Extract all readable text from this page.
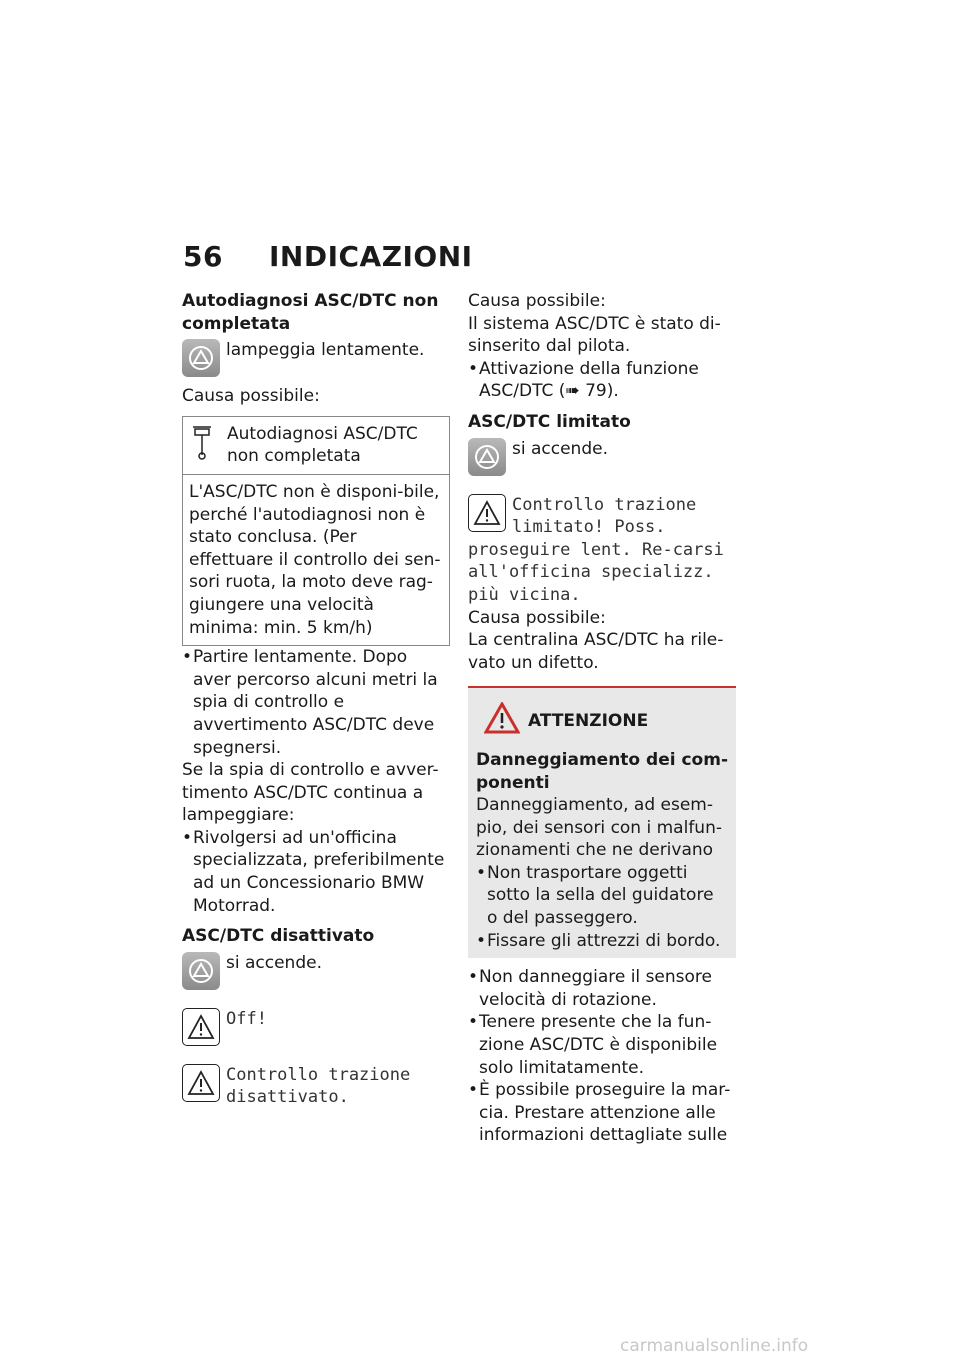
56 INDICAZIONI

Autodiagnosi ASC/DTC non completata

lampeggia lentamente.

Causa possibile:

Autodiagnosi ASC/DTC non completata

L'ASC/DTC non è disponi-bile, perché l'autodiagnosi non è stato conclusa. (Per effettuare il controllo dei sen-sori ruota, la moto deve rag-giungere una velocità minima: min. 5 km/h)
• Partire lentamente. Dopo aver percorso alcuni metri la spia di controllo e avvertimento ASC/DTC deve spegnersi.

Se la spia di controllo e avver-timento ASC/DTC continua a lampeggiare:

• Rivolgersi ad un'officina specializzata, preferibilmente ad un Concessionario BMW Motorrad.

ASC/DTC disattivato

si accende.
Off!
Controllo trazione disattivato.

Causa possibile:

Il sistema ASC/DTC è stato di-sinserito dal pilota.

• Attivazione della funzione ASC/DTC (➠ 79).

ASC/DTC limitato

si accende.
Controllo trazione
limitato! Poss.

proseguire lent. Re-carsi all'officina specializz. più vicina.

Causa possibile:

La centralina ASC/DTC ha rile-vato un difetto.

ATTENZIONE

Danneggiamento dei com-ponenti

Danneggiamento, ad esem-pio, dei sensori con i malfun-zionamenti che ne derivano

• Non trasportare oggetti sotto la sella del guidatore o del passeggero.
• Fissare gli attrezzi di bordo.
• Non danneggiare il sensore velocità di rotazione.
• Tenere presente che la fun-zione ASC/DTC è disponibile solo limitatamente.
• È possibile proseguire la mar-cia. Prestare attenzione alle informazioni dettagliate sulle
carmanualsonline.info
